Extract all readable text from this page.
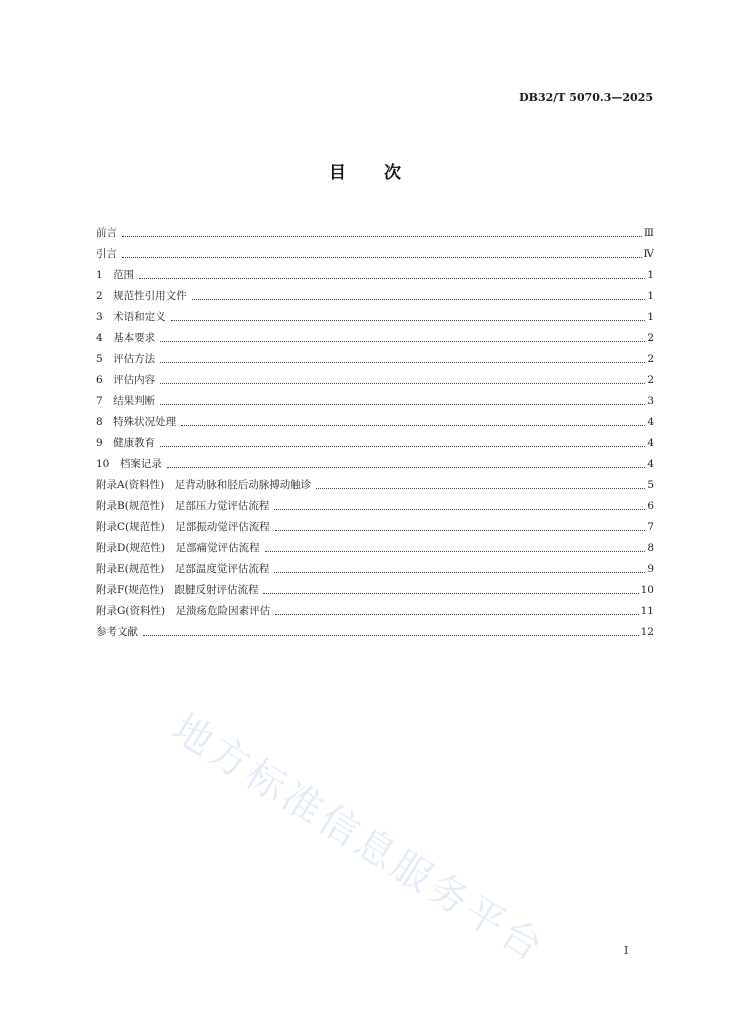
DB32/T 5070.3—2025
目 次
前言	Ⅲ
引言	Ⅳ
1　范围	1
2　规范性引用文件	1
3　术语和定义	1
4　基本要求	2
5　评估方法	2
6　评估内容	2
7　结果判断	3
8　特殊状况处理	4
9　健康教育	4
10　档案记录	4
附录A(资料性)　足背动脉和胫后动脉搏动触诊	5
附录B(规范性)　足部压力觉评估流程	6
附录C(规范性)　足部振动觉评估流程	7
附录D(规范性)　足部痛觉评估流程	8
附录E(规范性)　足部温度觉评估流程	9
附录F(规范性)　跟腱反射评估流程	10
附录G(资料性)　足溃疡危险因素评估	11
参考文献	12
地方标准信息服务平台	I
